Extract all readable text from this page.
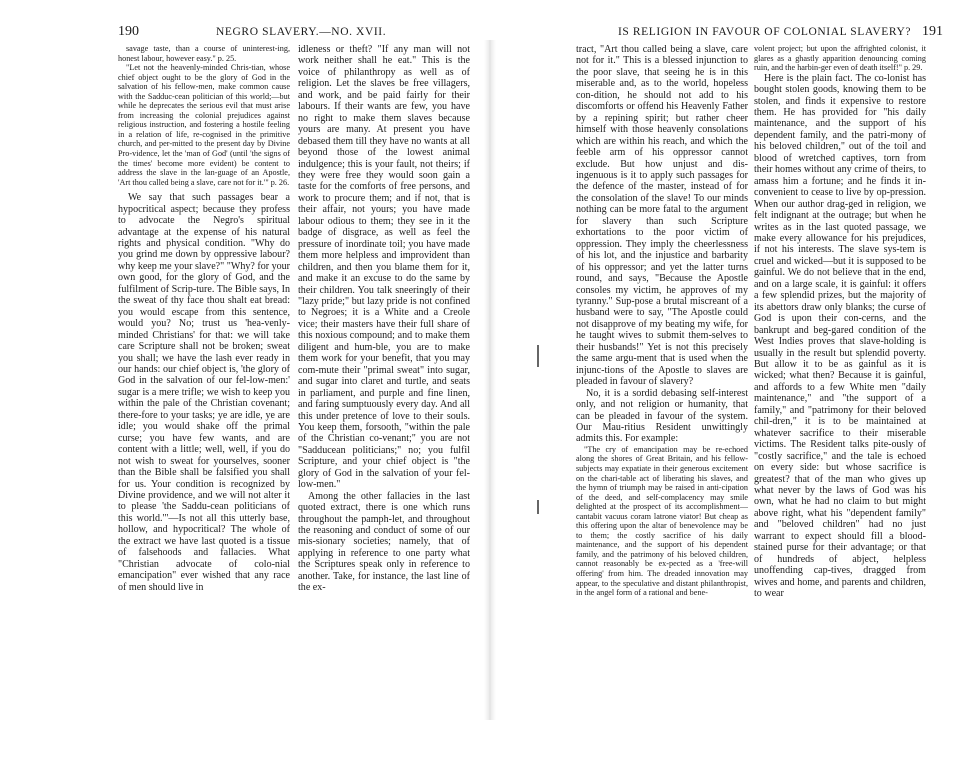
190	NEGRO SLAVERY.—NO. XVII.

savage taste, than a course of uninterest-ing, honest labour, however easy." p. 25.

"Let not the heavenly-minded Chris-tian, whose chief object ought to be the glory of God in the salvation of his fellow-men, make common cause with the Sadduc-cean politician of this world;—but while he deprecates the serious evil that must arise from increasing the colonial prejudices against religious instruction, and fostering a hostile feeling in a relation of life, re-cognised in the primitive church, and per-mitted to the present day by Divine Pro-vidence, let the 'man of God' (until 'the signs of the times' become more evident) be content to address the slave in the lan-guage of an Apostle, 'Art thou called being a slave, care not for it.'" p. 26.

We say that such passages bear a hypocritical aspect; because they profess to advocate the Negro's spiritual advantage at the expense of his natural rights and physical condition. "Why do you grind me down by oppressive labour? why keep me your slave?" "Why? for your own good, for the glory of God, and the fulfilment of Scrip-ture. The Bible says, In the sweat of thy face thou shalt eat bread: you would escape from this sentence, would you? No; trust us 'hea-venly-minded Christians' for that: we will take care Scripture shall not be broken; sweat you shall; we have the lash ever ready in our hands: our chief object is, 'the glory of God in the salvation of our fel-low-men:' sugar is a mere trifle; we wish to keep you within the pale of the Christian covenant; there-fore to your tasks; ye are idle, ye are idle; you would shake off the primal curse; you have few wants, and are content with a little; well, well, if you do not wish to sweat for yourselves, sooner than the Bible shall be falsified you shall for us. Your condition is recognized by Divine providence, and we will not alter it to please 'the Saddu-cean politicians of this world.'"—Is not all this utterly base, hollow, and hypocritical? The whole of the extract we have last quoted is a tissue of falsehoods and fallacies. What "Christian advocate of colo-nial emancipation" ever wished that any race of men should live in

idleness or theft? "If any man will not work neither shall he eat." This is the voice of philanthropy as well as of religion. Let the slaves be free villagers, and work, and be paid fairly for their labours. If their wants are few, you have no right to make them slaves because yours are many. At present you have debased them till they have no wants at all beyond those of the lowest animal indulgence; this is your fault, not theirs; if they were free they would soon gain a taste for the comforts of free persons, and work to procure them; and if not, that is their affair, not yours; you have made labour odious to them; they see in it the badge of disgrace, as well as feel the pressure of inordinate toil; you have made them more helpless and improvident than children, and then you blame them for it, and make it an excuse to do the same by their children. You talk sneeringly of their "lazy pride;" but lazy pride is not confined to Negroes; it is a White and a Creole vice; their masters have their full share of this noxious compound; and to make them diligent and hum-ble, you are to make them work for your benefit, that you may com-mute their "primal sweat" into sugar, and sugar into claret and turtle, and seats in parliament, and purple and fine linen, and faring sumptuously every day. And all this under pretence of love to their souls. You keep them, forsooth, "within the pale of the Christian co-venant;" you are not "Sadducean politicians;" no; you fulfil Scripture, and your chief object is "the glory of God in the salvation of your fel-low-men."

Among the other fallacies in the last quoted extract, there is one which runs throughout the pamph-let, and throughout the reasoning and conduct of some of our mis-sionary societies; namely, that of applying in reference to one party what the Scriptures speak only in reference to another. Take, for instance, the last line of the ex-

IS RELIGION IN FAVOUR OF COLONIAL SLAVERY? 191

tract, "Art thou called being a slave, care not for it." This is a blessed injunction to the poor slave, that seeing he is in this miserable and, as to the world, hopeless con-dition, he should not add to his discomforts or offend his Heavenly Father by a repining spirit; but rather cheer himself with those heavenly consolations which are within his reach, and which the feeble arm of his oppressor cannot exclude. But how unjust and dis-ingenuous is it to apply such passages for the defence of the master, instead of for the consolation of the slave! To our minds nothing can be more fatal to the argument for slavery than such Scripture exhortations to the poor victim of oppression. They imply the cheerlessness of his lot, and the injustice and barbarity of his oppressor; and yet the latter turns round, and says, "Because the Apostle consoles my victim, he approves of my tyranny." Sup-pose a brutal miscreant of a husband were to say, "The Apostle could not disapprove of my beating my wife, for he taught wives to submit them-selves to their husbands!" Yet is not this precisely the same argu-ment that is used when the injunc-tions of the Apostle to slaves are pleaded in favour of slavery?

No, it is a sordid debasing self-interest only, and not religion or humanity, that can be pleaded in favour of the system. Our Mau-ritius Resident unwittingly admits this. For example:

"The cry of emancipation may be re-echoed along the shores of Great Britain, and his fellow-subjects may expatiate in their generous excitement on the chari-table act of liberating his slaves, and the hymn of triumph may be raised in anti-cipation of the deed, and self-complacency may smile delighted at the prospect of its accomplishment—cantabit vacuus coram latrone viator! But cheap as this offering upon the altar of benevolence may be to them; the costly sacrifice of his daily maintenance, and the support of his dependent family, and the patrimony of his beloved children, cannot reasonably be ex-pected as a 'free-will offering' from him. The dreaded innovation may appear, to the speculative and distant philanthropist, in the angel form of a rational and bene-

volent project; but upon the affrighted colonist, it glares as a ghastly apparition denouncing coming ruin, and the harbin-ger even of death itself!" p. 29.

Here is the plain fact. The co-lonist has bought stolen goods, knowing them to be stolen, and finds it expensive to restore them. He has provided for "his daily maintenance, and the support of his dependent family, and the patri-mony of his beloved children," out of the toil and blood of wretched captives, torn from their homes without any crime of theirs, to amass him a fortune; and he finds it in-convenient to cease to live by op-pression. When our author drag-ged in religion, we felt indignant at the outrage; but when he writes as in the last quoted passage, we make every allowance for his prejudices, if not his interests. The slave sys-tem is cruel and wicked—but it is supposed to be gainful. We do not believe that in the end, and on a large scale, it is gainful: it offers a few splendid prizes, but the majority of its abettors draw only blanks; the curse of God is upon their con-cerns, and the bankrupt and beg-gared condition of the West Indies proves that slave-holding is usually in the result but splendid poverty. But allow it to be as gainful as it is wicked; what then? Because it is gainful, and affords to a few White men "daily maintenance," and "the support of a family," and "patrimony for their beloved chil-dren," it is to be maintained at whatever sacrifice to their miserable victims. The Resident talks pite-ously of "costly sacrifice," and the tale is echoed on every side: but whose sacrifice is greatest? that of the man who gives up what never by the laws of God was his own, what he had no claim to but might above right, what his "dependent family" and "beloved children" had no just warrant to expect should fill a blood-stained purse for their advantage; or that of hundreds of abject, helpless unoffending cap-tives, dragged from wives and home, and parents and children, to wear
